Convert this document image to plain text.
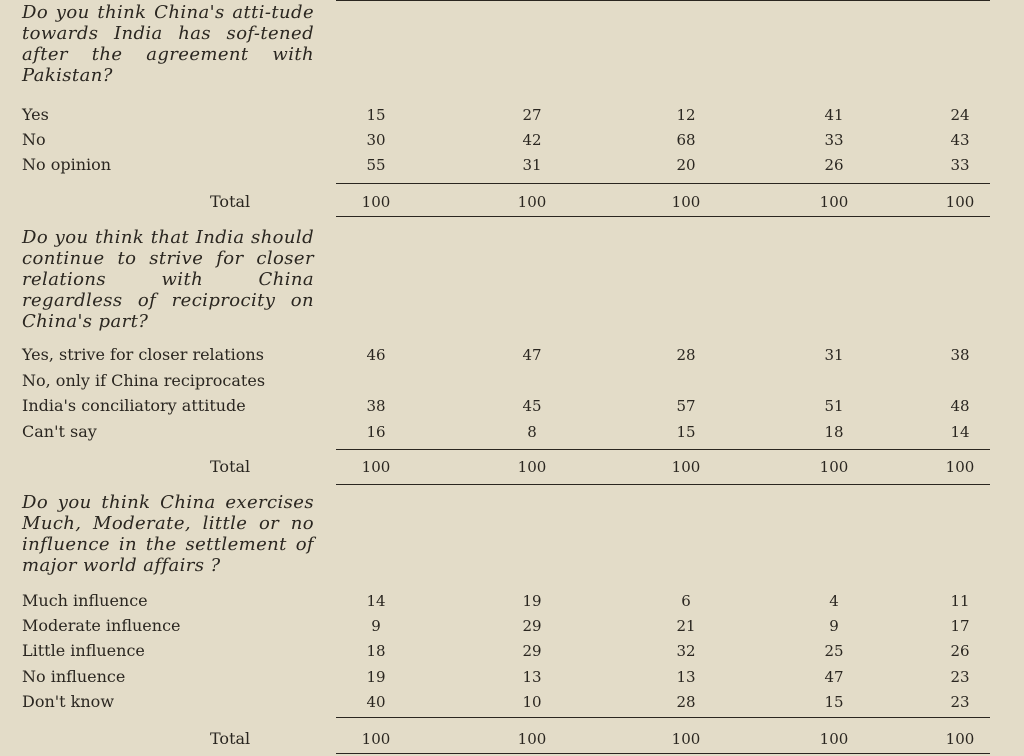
Do you think China's atti-tude towards India has sof-tened after the agreement with Pakistan?
Yes	15	27	12	41	24
No	30	42	68	33	43
No opinion	55	31	20	26	33
Total	100	100	100	100	100
Do you think that India should continue to strive for closer relations with China regardless of reciprocity on China's part?
Yes, strive for closer relations	46	47	28	31	38
No, only if China reciprocates
India's conciliatory attitude	38	45	57	51	48
Can't say	16	8	15	18	14
Total	100	100	100	100	100
Do you think China exercises Much, Moderate, little or no influence in the settlement of major world affairs ?
Much influence	14	19	6	4	11
Moderate influence	9	29	21	9	17
Little influence	18	29	32	25	26
No influence	19	13	13	47	23
Don't know	40	10	28	15	23
Total	100	100	100	100	100
